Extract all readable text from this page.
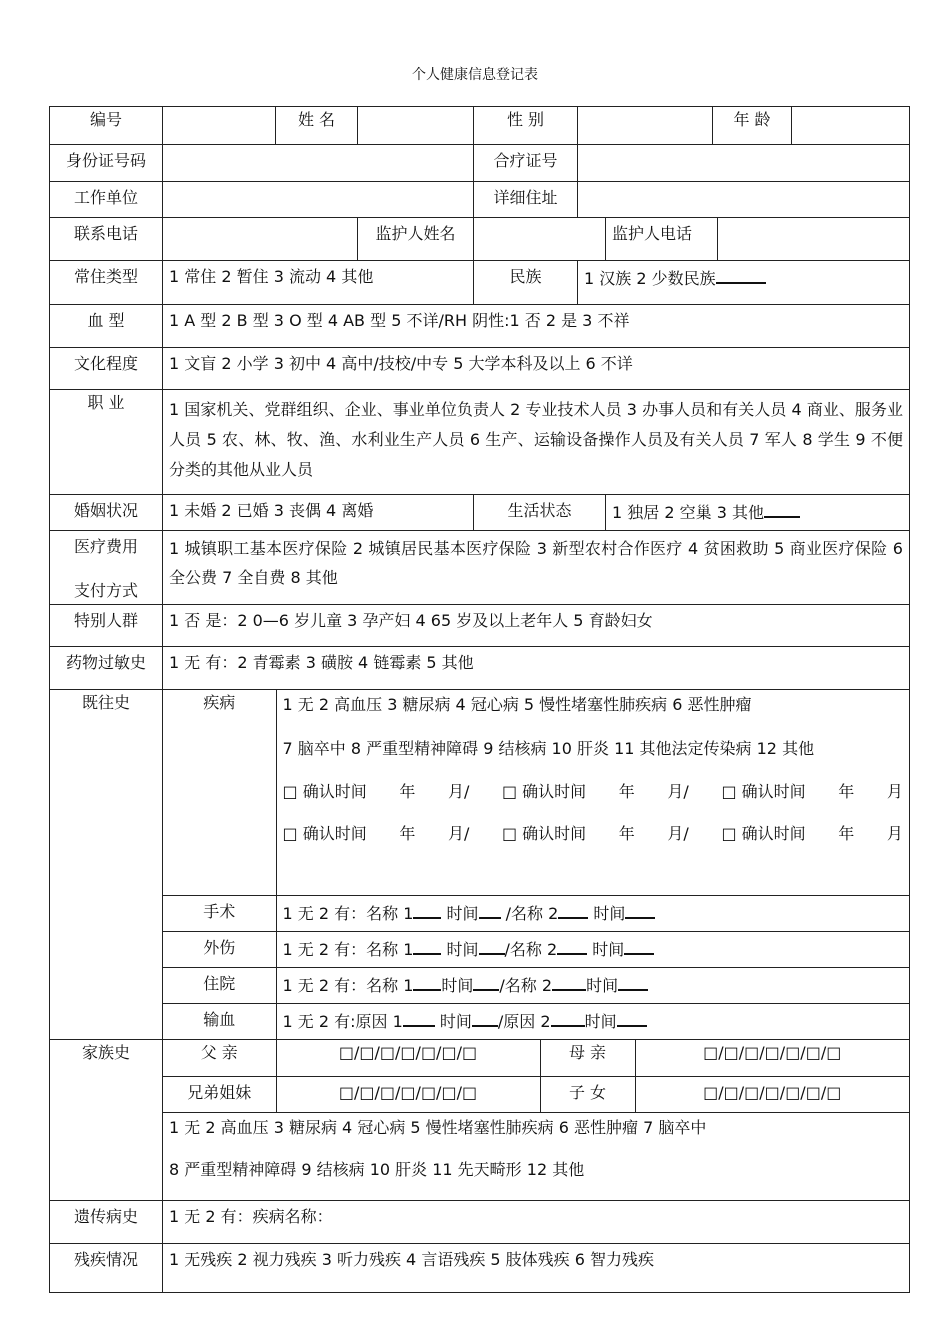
个人健康信息登记表
编号		姓 名		性 别		年 龄	
身份证号码		合疗证号	
工作单位		详细住址	
联系电话		监护人姓名		监护人电话	
常住类型	1 常住 2 暂住 3 流动 4 其他	民族	1 汉族 2 少数民族
血 型	1 A 型 2 B 型 3 O 型 4 AB 型 5 不详/RH 阴性:1 否 2 是 3 不祥
文化程度	1 文盲 2 小学 3 初中 4 高中/技校/中专 5 大学本科及以上 6 不详
职 业	1 国家机关、党群组织、企业、事业单位负责人 2 专业技术人员 3 办事人员和有关人员 4 商业、服务业人员 5 农、林、牧、渔、水利业生产人员 6 生产、运输设备操作人员及有关人员 7 军人 8 学生 9 不便分类的其他从业人员
婚姻状况	1 未婚 2 已婚 3 丧偶 4 离婚	生活状态	1 独居 2 空巢 3 其他

医疗费用
支付方式
	1 城镇职工基本医疗保险 2 城镇居民基本医疗保险 3 新型农村合作医疗 4 贫困救助 5 商业医疗保险 6 全公费 7 全自费 8 其他
特别人群	1 否 是：2 0—6 岁儿童 3 孕产妇 4 65 岁及以上老年人 5 育龄妇女
药物过敏史	1 无 有：2 青霉素 3 磺胺 4 链霉素 5 其他
既往史		疾病	1 无 2 高血压 3 糖尿病 4 冠心病 5 慢性堵塞性肺疾病 6 恶性肿瘤

7 脑卒中 8 严重型精神障碍 9 结核病 10 肝炎 11 其他法定传染病 12 其他

□ 确认时间 年 月/ □ 确认时间 年 月/ □ 确认时间 年 月
□ 确认时间 年 月/ □ 确认时间 年 月/ □ 确认时间 年 月

手术	1 无 2 有：名称 1 时间 /名称 2 时间
外伤	1 无 2 有：名称 1 时间 /名称 2 时间
住院	1 无 2 有：名称 1 时间 /名称 2 时间
输血	1 无 2 有:原因 1 时间 /原因 2 时间

家族史		父 亲	□/□/□/□/□/□/□	母 亲	□/□/□/□/□/□/□
兄弟姐妹	□/□/□/□/□/□/□	子 女	□/□/□/□/□/□/□

1 无 2 高血压 3 糖尿病 4 冠心病 5 慢性堵塞性肺疾病 6 恶性肿瘤 7 脑卒中

8 严重型精神障碍 9 结核病 10 肝炎 11 先天畸形 12 其他

遗传病史	1 无 2 有：疾病名称：
残疾情况	1 无残疾 2 视力残疾 3 听力残疾 4 言语残疾 5 肢体残疾 6 智力残疾
